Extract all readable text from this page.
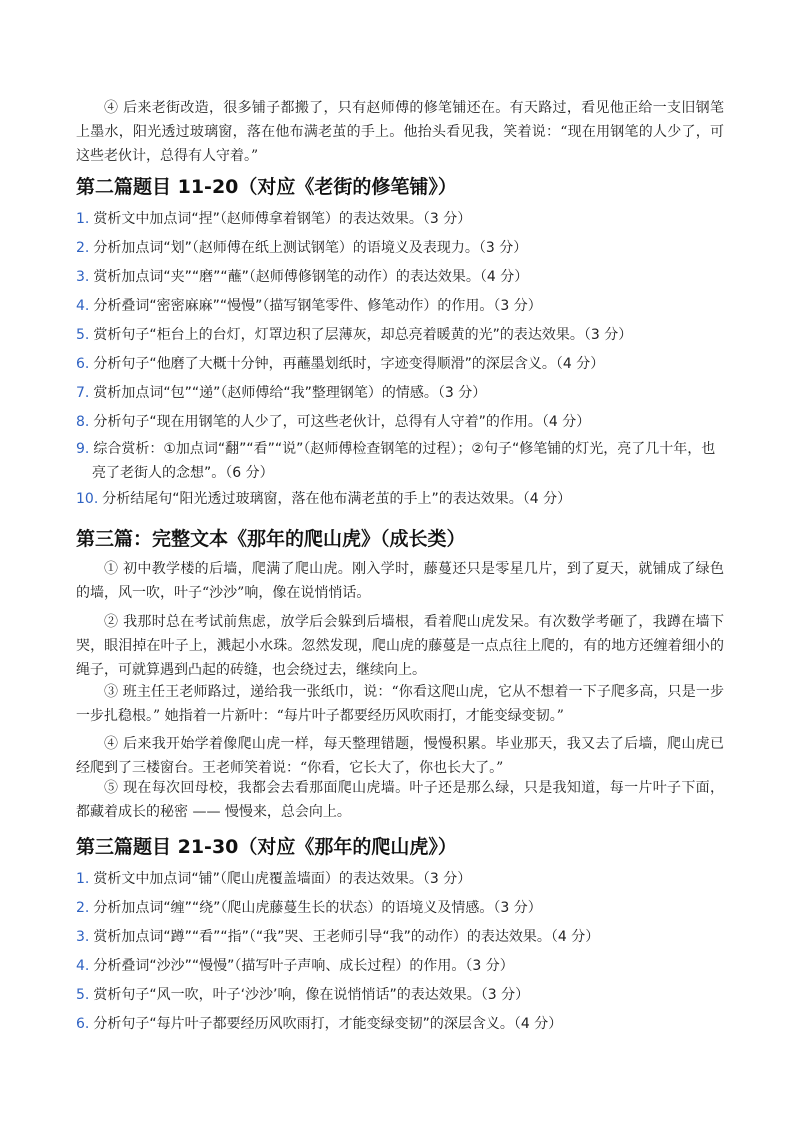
④ 后来老街改造，很多铺子都搬了，只有赵师傅的修笔铺还在。有天路过，看见他正给一支旧钢笔上墨水，阳光透过玻璃窗，落在他布满老茧的手上。他抬头看见我，笑着说：“现在用钢笔的人少了，可这些老伙计，总得有人守着。”

第二篇题目 11-20（对应《老街的修笔铺》）

1. 赏析文中加点词“捏”（赵师傅拿着钢笔）的表达效果。（3 分）

2. 分析加点词“划”（赵师傅在纸上测试钢笔）的语境义及表现力。（3 分）

3. 赏析加点词“夹”“磨”“蘸”（赵师傅修钢笔的动作）的表达效果。（4 分）

4. 分析叠词“密密麻麻”“慢慢”（描写钢笔零件、修笔动作）的作用。（3 分）

5. 赏析句子“柜台上的台灯，灯罩边积了层薄灰，却总亮着暖黄的光”的表达效果。（3 分）

6. 分析句子“他磨了大概十分钟，再蘸墨划纸时，字迹变得顺滑”的深层含义。（4 分）

7. 赏析加点词“包”“递”（赵师傅给“我”整理钢笔）的情感。（3 分）

8. 分析句子“现在用钢笔的人少了，可这些老伙计，总得有人守着”的作用。（4 分）

9. 综合赏析：①加点词“翻”“看”“说”（赵师傅检查钢笔的过程）；②句子“修笔铺的灯光，亮了几十年，也亮了老街人的念想”。（6 分）

10. 分析结尾句“阳光透过玻璃窗，落在他布满老茧的手上”的表达效果。（4 分）

第三篇：完整文本《那年的爬山虎》（成长类）

① 初中教学楼的后墙，爬满了爬山虎。刚入学时，藤蔓还只是零星几片，到了夏天，就铺成了绿色的墙，风一吹，叶子“沙沙”响，像在说悄悄话。

② 我那时总在考试前焦虑，放学后会躲到后墙根，看着爬山虎发呆。有次数学考砸了，我蹲在墙下哭，眼泪掉在叶子上，溅起小水珠。忽然发现，爬山虎的藤蔓是一点点往上爬的，有的地方还缠着细小的绳子，可就算遇到凸起的砖缝，也会绕过去，继续向上。

③ 班主任王老师路过，递给我一张纸巾，说：“你看这爬山虎，它从不想着一下子爬多高，只是一步一步扎稳根。” 她指着一片新叶：“每片叶子都要经历风吹雨打，才能变绿变韧。”

④ 后来我开始学着像爬山虎一样，每天整理错题，慢慢积累。毕业那天，我又去了后墙，爬山虎已经爬到了三楼窗台。王老师笑着说：“你看，它长大了，你也长大了。”

⑤ 现在每次回母校，我都会去看那面爬山虎墙。叶子还是那么绿，只是我知道，每一片叶子下面，都藏着成长的秘密 —— 慢慢来，总会向上。

第三篇题目 21-30（对应《那年的爬山虎》）

1. 赏析文中加点词“铺”（爬山虎覆盖墙面）的表达效果。（3 分）

2. 分析加点词“缠”“绕”（爬山虎藤蔓生长的状态）的语境义及情感。（3 分）

3. 赏析加点词“蹲”“看”“指”（“我”哭、王老师引导“我”的动作）的表达效果。（4 分）

4. 分析叠词“沙沙”“慢慢”（描写叶子声响、成长过程）的作用。（3 分）

5. 赏析句子“风一吹，叶子‘沙沙’响，像在说悄悄话”的表达效果。（3 分）

6. 分析句子“每片叶子都要经历风吹雨打，才能变绿变韧”的深层含义。（4 分）
